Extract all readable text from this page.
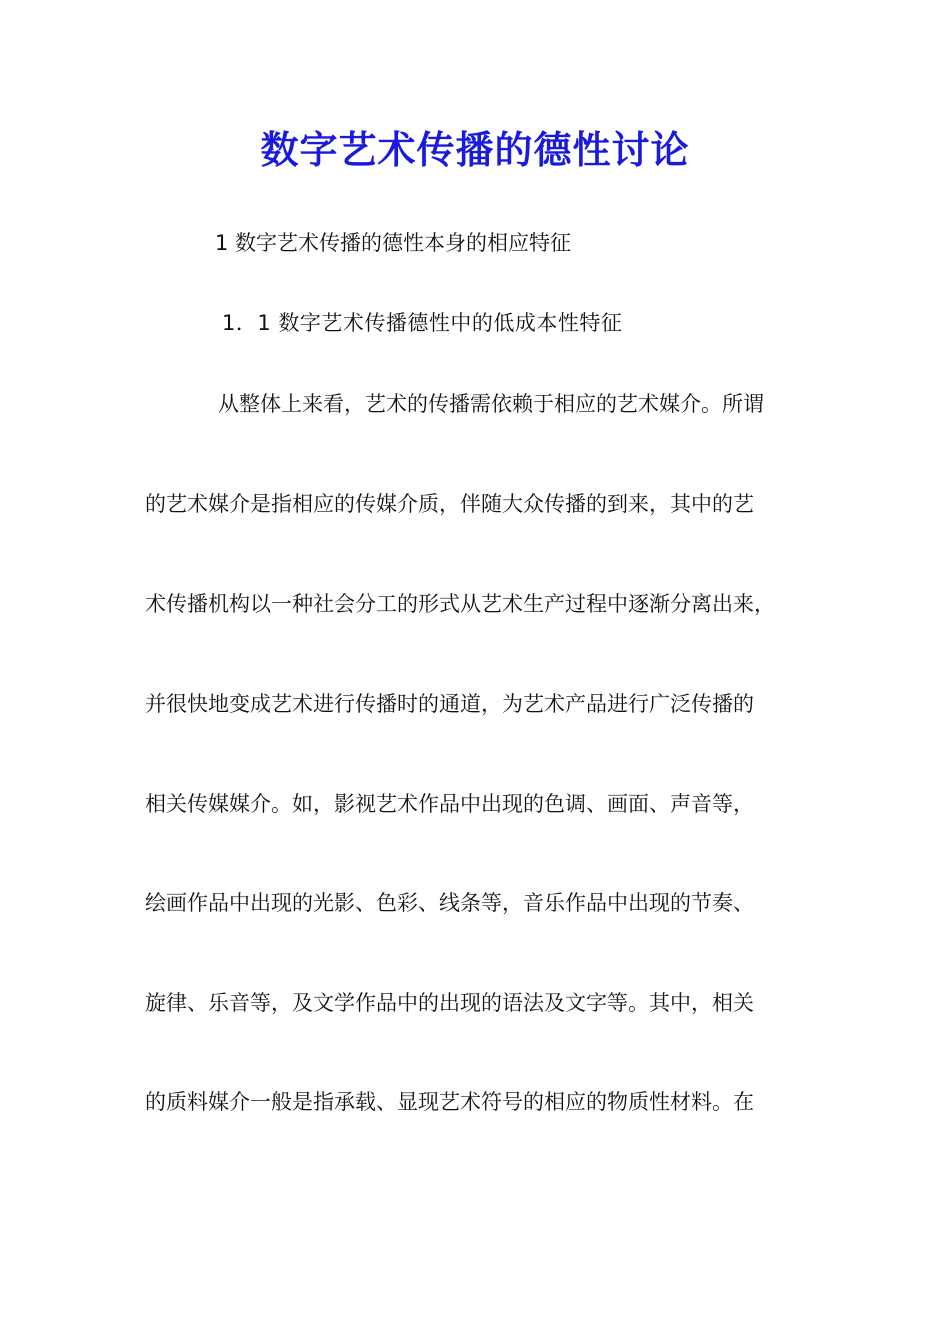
数字艺术传播的德性讨论
1 数字艺术传播的德性本身的相应特征
1．1 数字艺术传播德性中的低成本性特征
从整体上来看，艺术的传播需依赖于相应的艺术媒介。所谓
的艺术媒介是指相应的传媒介质，伴随大众传播的到来，其中的艺
术传播机构以一种社会分工的形式从艺术生产过程中逐渐分离出来，
并很快地变成艺术进行传播时的通道，为艺术产品进行广泛传播的
相关传媒媒介。如，影视艺术作品中出现的色调、画面、声音等，
绘画作品中出现的光影、色彩、线条等，音乐作品中出现的节奏、
旋律、乐音等，及文学作品中的出现的语法及文字等。其中，相关
的质料媒介一般是指承载、显现艺术符号的相应的物质性材料。在
